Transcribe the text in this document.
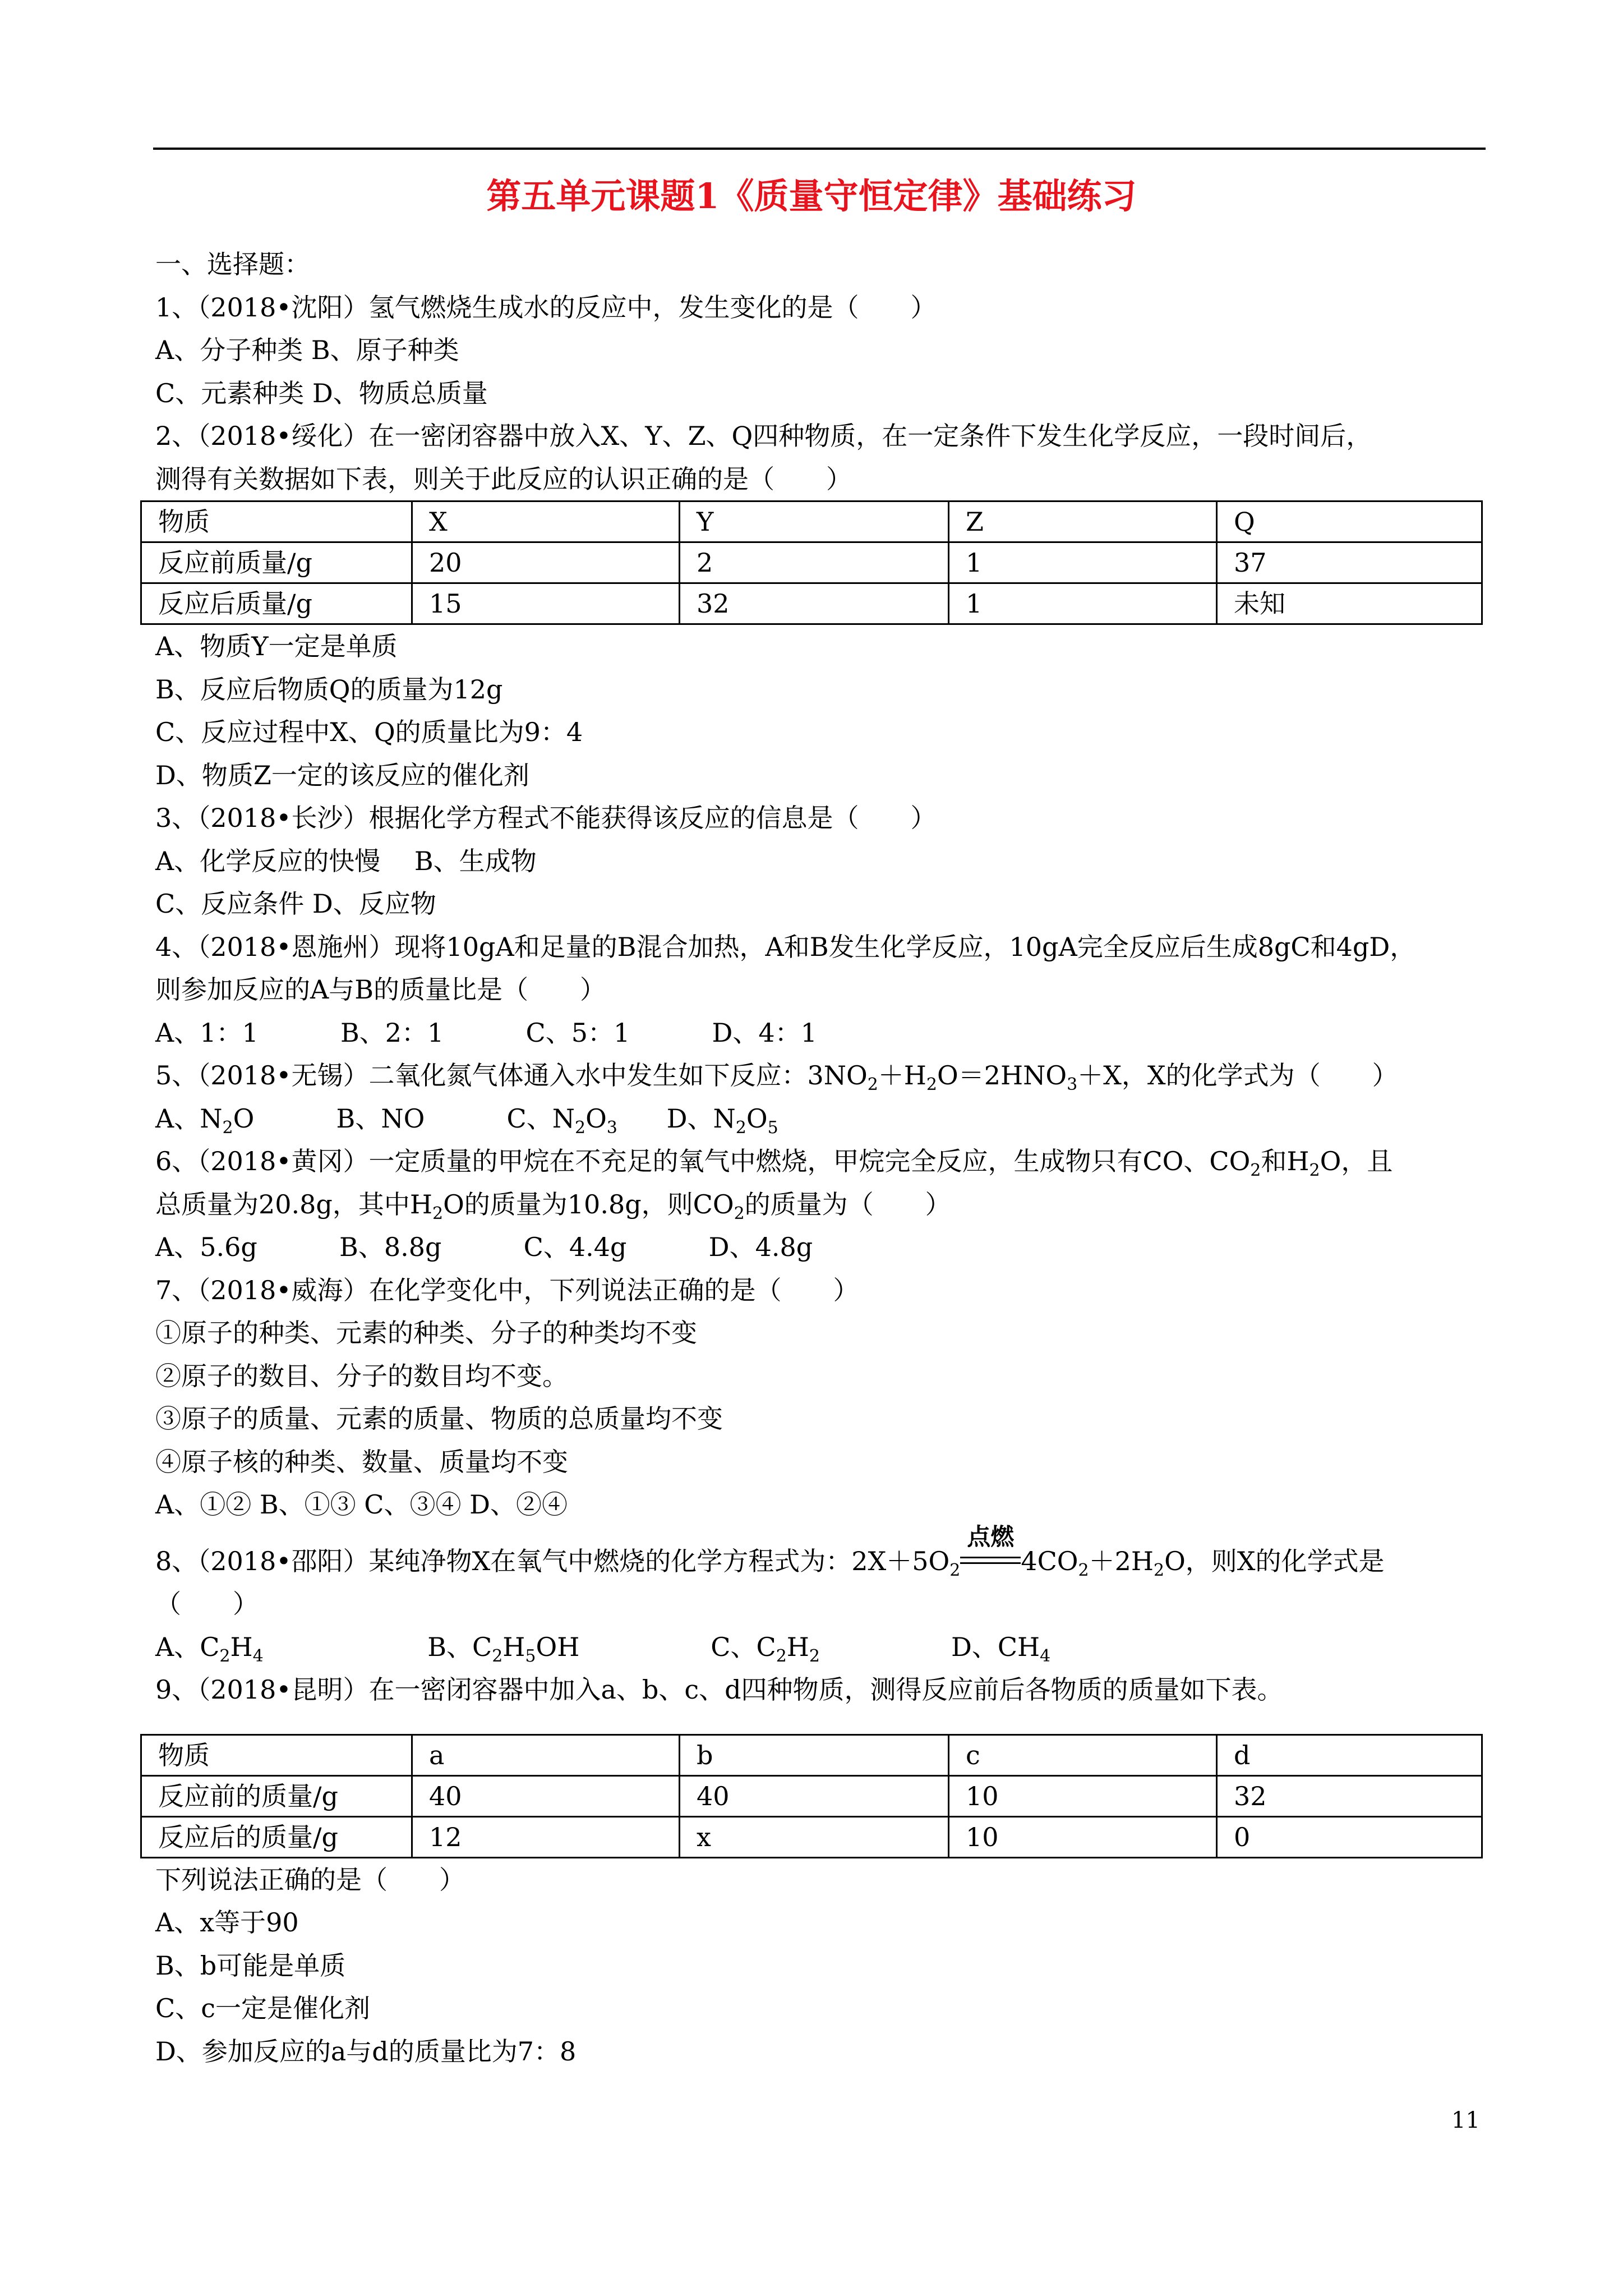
第五单元课题1《质量守恒定律》基础练习
一、选择题：
1、（2018•沈阳）氢气燃烧生成水的反应中，发生变化的是（　　）
A、分子种类 B、原子种类
C、元素种类 D、物质总质量
2、（2018•绥化）在一密闭容器中放入X、Y、Z、Q四种物质，在一定条件下发生化学反应，一段时间后，
测得有关数据如下表，则关于此反应的认识正确的是（　　）
物质	X	Y	Z	Q
反应前质量/g	20	2	1	37
反应后质量/g	15	32	1	未知
A、物质Y一定是单质
B、反应后物质Q的质量为12g
C、反应过程中X、Q的质量比为9：4
D、物质Z一定的该反应的催化剂
3、（2018•长沙）根据化学方程式不能获得该反应的信息是（　　）
A、化学反应的快慢　 B、生成物
C、反应条件 D、反应物
4、（2018•恩施州）现将10gA和足量的B混合加热，A和B发生化学反应，10gA完全反应后生成8gC和4gD，
则参加反应的A与B的质量比是（　　）
A、1：1          B、2：1          C、5：1          D、4：1
5、（2018•无锡）二氧化氮气体通入水中发生如下反应：$3NO_2+H_2O=2HNO_3+X$，X的化学式为（　　）
A、$N_2O$          B、NO          C、$N_2O_3$ D、$N_2O_5$
6、（2018•黄冈）一定质量的甲烷在不充足的氧气中燃烧，甲烷完全反应，生成物只有CO、$CO_2$和$H_2O$，且
总质量为20.8g，其中$H_2O$的质量为10.8g，则$CO_2$的质量为（　　）
A、5.6g          B、8.8g          C、4.4g          D、4.8g
7、（2018•威海）在化学变化中，下列说法正确的是（　　）
①原子的种类、元素的种类、分子的种类均不变
②原子的数目、分子的数目均不变。
③原子的质量、元素的质量、物质的总质量均不变
④原子核的种类、数量、质量均不变
A、①② B、①③ C、③④ D、②④
8、（2018•邵阳）某纯净物X在氧气中燃烧的化学方程式为：$2X+5O_2$
点燃
$4CO_2+2H_2O$，则X的化学式是
（　　）
A、$C_2H_4$	B、$C_2H_5OH$	C、$C_2H_2$	D、$CH_4$
9、（2018•昆明）在一密闭容器中加入a、b、c、d四种物质，测得反应前后各物质的质量如下表。
物质	a	b	c	d
反应前的质量/g	40	40	10	32
反应后的质量/g	12	x	10	0
下列说法正确的是（　　）
A、x等于90
B、b可能是单质
C、c一定是催化剂
D、参加反应的a与d的质量比为7：8
11
